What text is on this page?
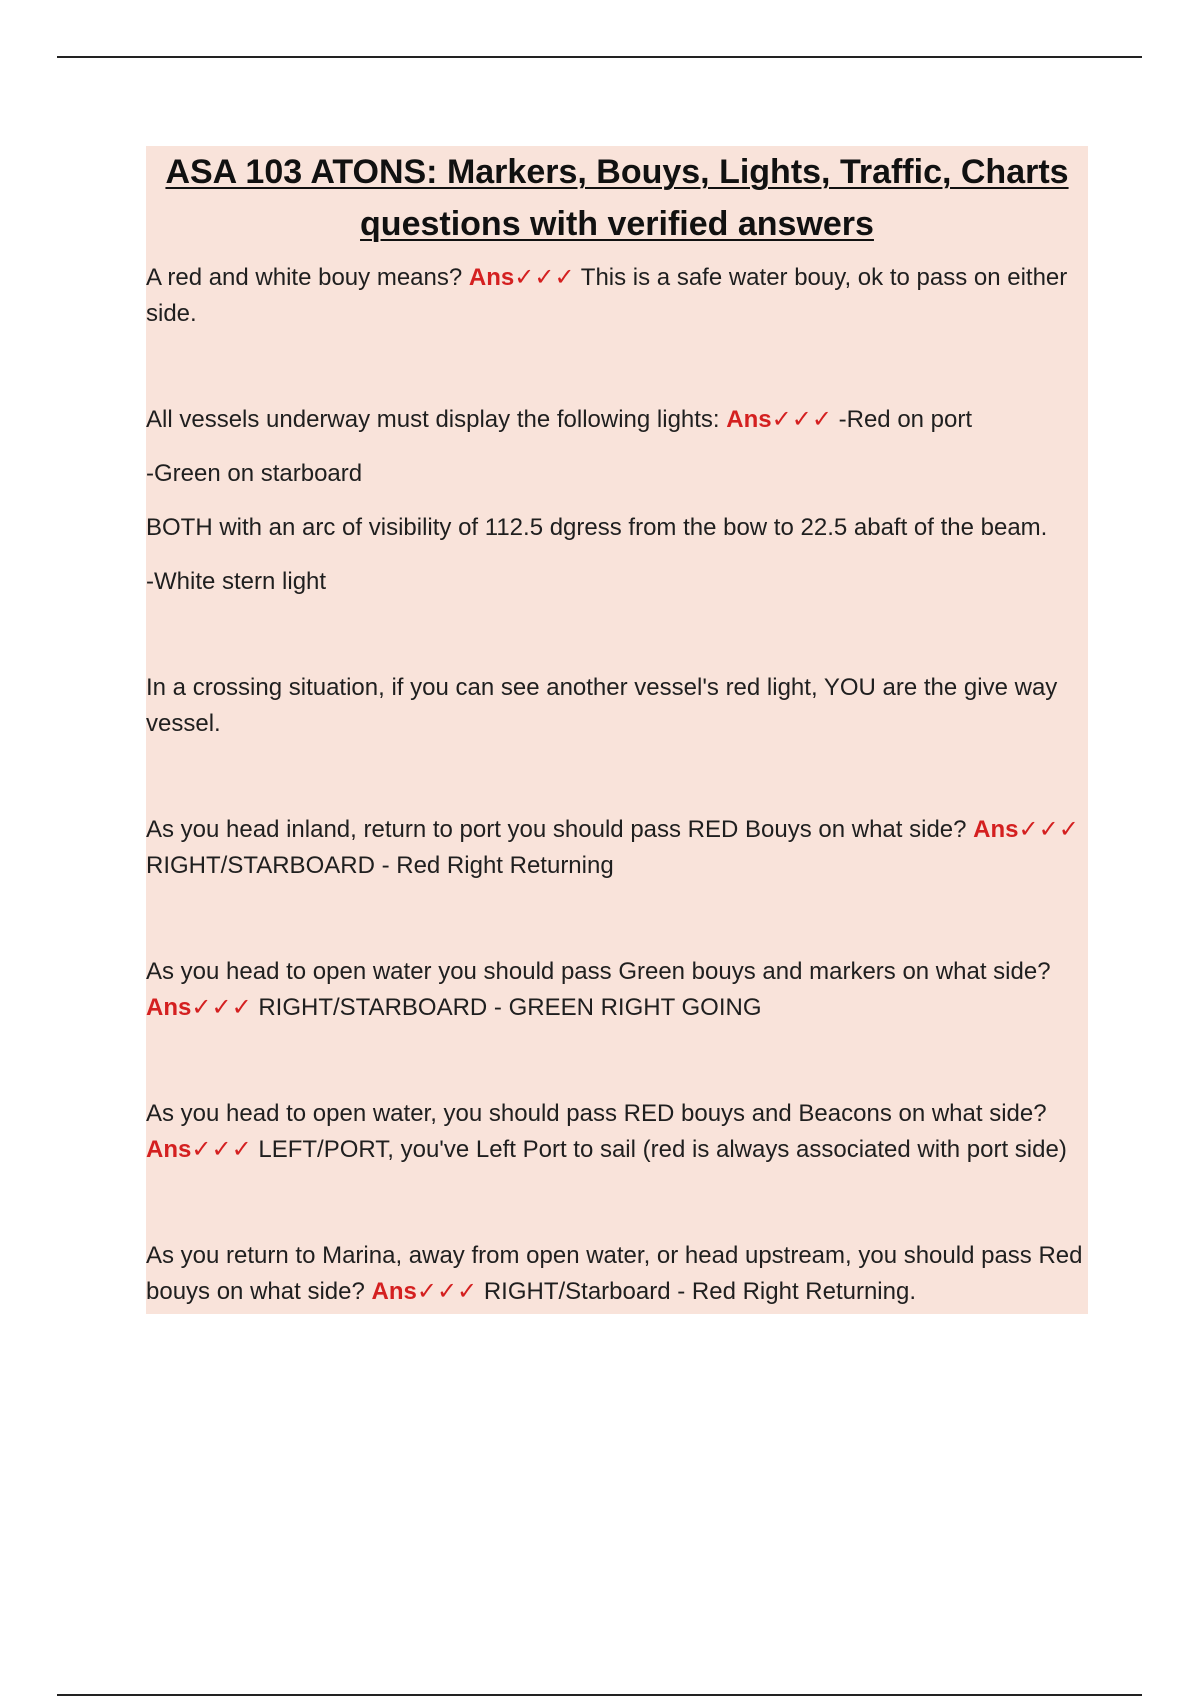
ASA 103 ATONS: Markers, Bouys, Lights, Traffic, Charts questions with verified answers

A red and white bouy means? Ans✓✓✓ This is a safe water bouy, ok to pass on either side.

All vessels underway must display the following lights: Ans✓✓✓ -Red on port

-Green on starboard

BOTH with an arc of visibility of 112.5 dgress from the bow to 22.5 abaft of the beam.

-White stern light

In a crossing situation, if you can see another vessel's red light, YOU are the give way vessel.

As you head inland, return to port you should pass RED Bouys on what side? Ans✓✓✓ RIGHT/STARBOARD - Red Right Returning

As you head to open water you should pass Green bouys and markers on what side? Ans✓✓✓ RIGHT/STARBOARD - GREEN RIGHT GOING

As you head to open water, you should pass RED bouys and Beacons on what side? Ans✓✓✓ LEFT/PORT, you've Left Port to sail (red is always associated with port side)

As you return to Marina, away from open water, or head upstream, you should pass Red bouys on what side? Ans✓✓✓ RIGHT/Starboard - Red Right Returning.
